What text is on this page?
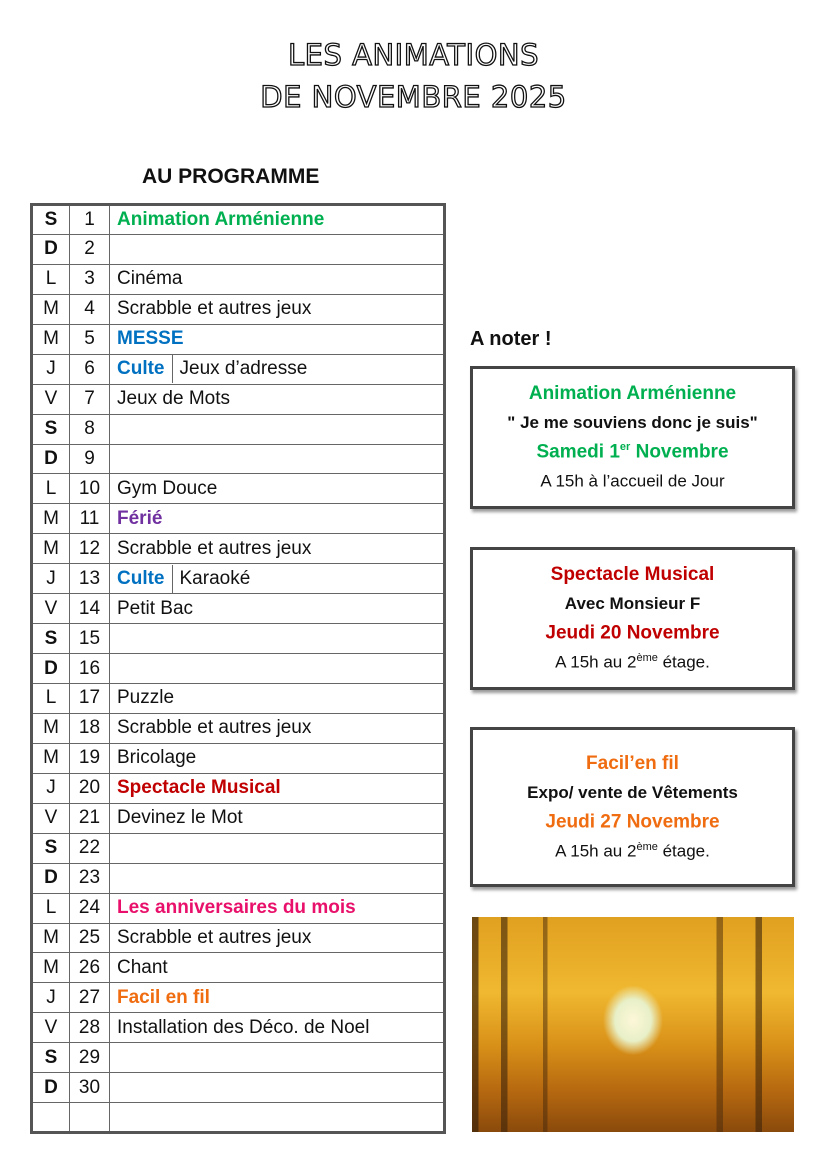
LES ANIMATIONS
DE NOVEMBRE 2025
AU PROGRAMME
S	1	Animation Arménienne
D	2	
L	3	Cinéma
M	4	Scrabble et autres jeux
M	5	MESSE
J	6	Culte Jeux d’adresse

V	7	Jeux de Mots
S	8	
D	9	
L	10	Gym Douce
M	11	Férié
M	12	Scrabble et autres jeux
J	13	Culte Karaoké

V	14	Petit Bac
S	15	
D	16	
L	17	Puzzle
M	18	Scrabble et autres jeux
M	19	Bricolage
J	20	Spectacle Musical
V	21	Devinez le Mot
S	22	
D	23	
L	24	Les anniversaires du mois
M	25	Scrabble et autres jeux
M	26	Chant
J	27	Facil en fil
V	28	Installation des Déco. de Noel
S	29	
D	30	

A noter !
Animation Arménienne
" Je me souviens donc je suis"
Samedi 1er Novembre
A 15h à l’accueil de Jour
Spectacle Musical
Avec Monsieur F
Jeudi 20 Novembre
A 15h au 2ème étage.
Facil’en fil
Expo/ vente de Vêtements
Jeudi 27 Novembre
A 15h au 2ème étage.
